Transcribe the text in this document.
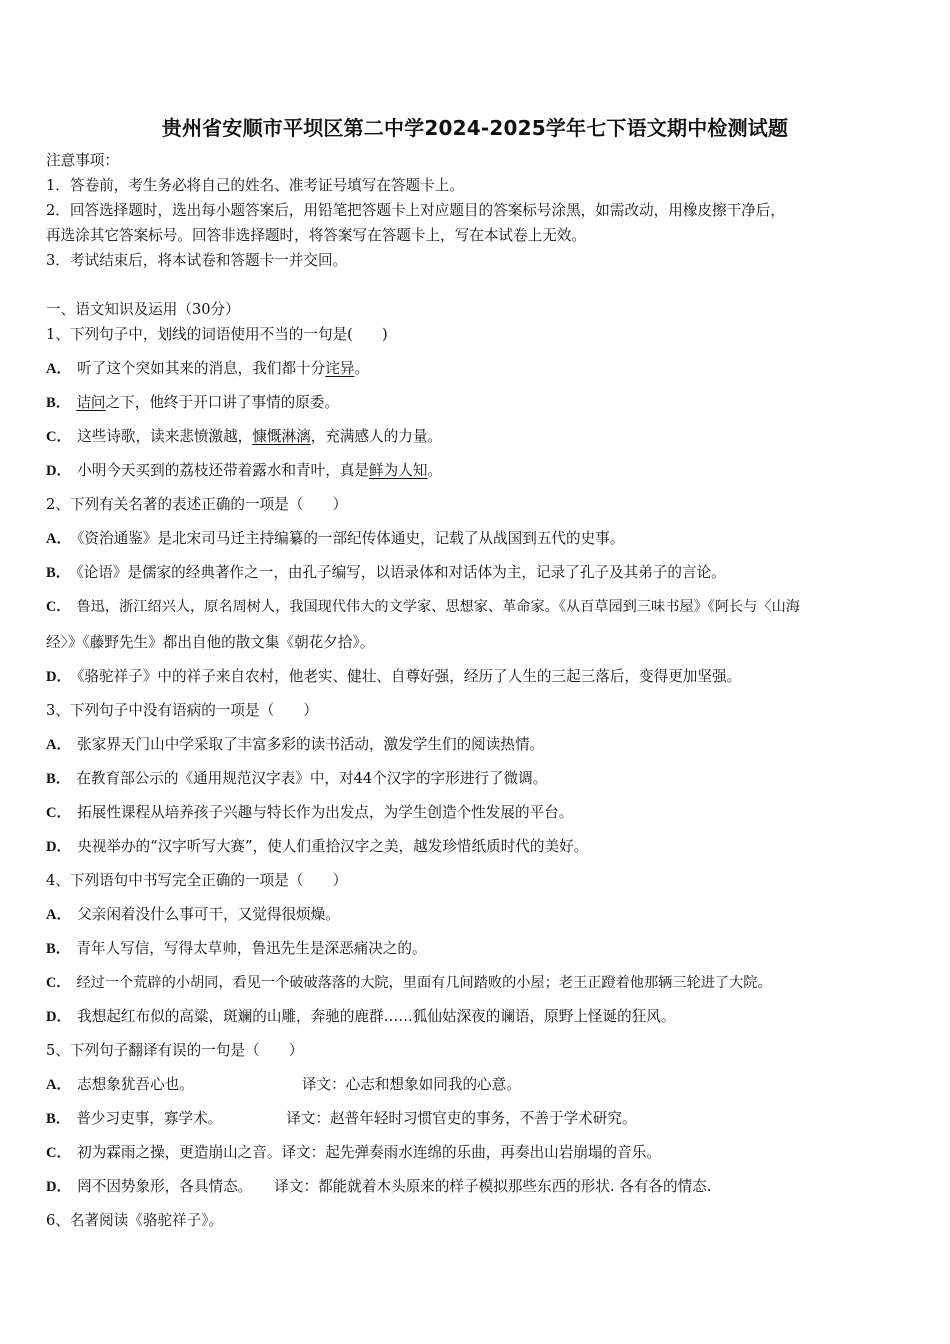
贵州省安顺市平坝区第二中学2024-2025学年七下语文期中检测试题
注意事项：
1．答卷前，考生务必将自己的姓名、准考证号填写在答题卡上。
2．回答选择题时，选出每小题答案后，用铅笔把答题卡上对应题目的答案标号涂黑，如需改动，用橡皮擦干净后，
再选涂其它答案标号。回答非选择题时，将答案写在答题卡上，写在本试卷上无效。
3．考试结束后，将本试卷和答题卡一并交回。
一、语文知识及运用（30分）
1、下列句子中，划线的词语使用不当的一句是(　　)
A． 听了这个突如其来的消息，我们都十分诧异。
B． 诘问之下，他终于开口讲了事情的原委。
C． 这些诗歌，读来悲愤激越，慷慨淋漓，充满感人的力量。
D． 小明今天买到的荔枝还带着露水和青叶，真是鲜为人知。
2、下列有关名著的表述正确的一项是（　　）
A． 《资治通鉴》是北宋司马迁主持编纂的一部纪传体通史，记载了从战国到五代的史事。
B． 《论语》是儒家的经典著作之一，由孔子编写，以语录体和对话体为主，记录了孔子及其弟子的言论。
C． 鲁迅，浙江绍兴人，原名周树人，我国现代伟大的文学家、思想家、革命家。《从百草园到三味书屋》《阿长与〈山海
经〉》《藤野先生》都出自他的散文集《朝花夕拾》。
D． 《骆驼祥子》中的祥子来自农村，他老实、健壮、自尊好强，经历了人生的三起三落后，变得更加坚强。
3、下列句子中没有语病的一项是（　　）
A． 张家界天门山中学采取了丰富多彩的读书活动，激发学生们的阅读热情。
B． 在教育部公示的《通用规范汉字表》中，对44个汉字的字形进行了微调。
C． 拓展性课程从培养孩子兴趣与特长作为出发点，为学生创造个性发展的平台。
D． 央视举办的“汉字听写大赛”，使人们重拾汉字之美，越发珍惜纸质时代的美好。
4、下列语句中书写完全正确的一项是（　　）
A． 父亲闲着没什么事可干，又觉得很烦燥。
B． 青年人写信，写得太草帅，鲁迅先生是深恶痛决之的。
C． 经过一个荒辟的小胡同，看见一个破破落落的大院，里面有几间踏败的小屋；老王正蹬着他那辆三轮进了大院。
D． 我想起红布似的高粱，斑斓的山雕，奔驰的鹿群……狐仙姑深夜的谰语，原野上怪诞的狂风。
5、下列句子翻译有误的一句是（　　）
A． 志想象犹吾心也。	译文：心志和想象如同我的心意。
B． 普少习吏事，寡学术。	译文：赵普年轻时习惯官吏的事务，不善于学术研究。
C． 初为霖雨之操，更造崩山之音。译文：起先弹奏雨水连绵的乐曲，再奏出山岩崩塌的音乐。
D． 罔不因势象形，各具情态。 译文：都能就着木头原来的样子模拟那些东西的形状. 各有各的情态.
6、名著阅读《骆驼祥子》。
